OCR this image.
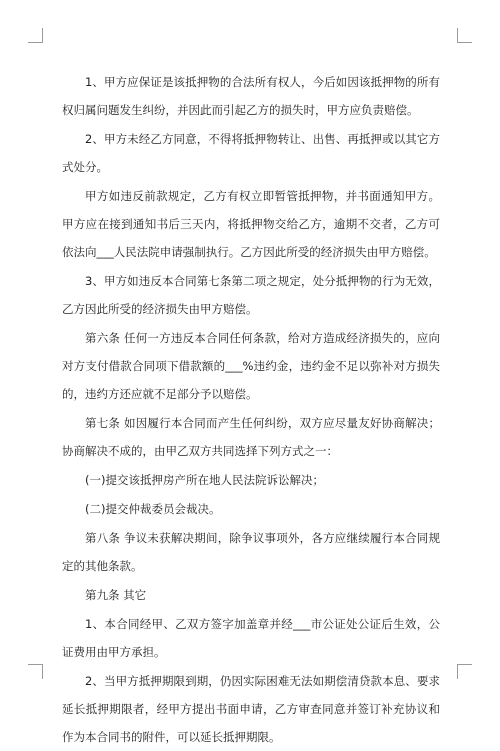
1、甲方应保证是该抵押物的合法所有权人，今后如因该抵押物的所有权归属问题发生纠纷，并因此而引起乙方的损失时，甲方应负责赔偿。

2、甲方未经乙方同意，不得将抵押物转让、出售、再抵押或以其它方式处分。

甲方如违反前款规定，乙方有权立即暂管抵押物，并书面通知甲方。甲方应在接到通知书后三天内，将抵押物交给乙方，逾期不交者，乙方可依法向___人民法院申请强制执行。乙方因此所受的经济损失由甲方赔偿。

3、甲方如违反本合同第七条第二项之规定，处分抵押物的行为无效，乙方因此所受的经济损失由甲方赔偿。

第六条 任何一方违反本合同任何条款，给对方造成经济损失的，应向对方支付借款合同项下借款额的___%违约金，违约金不足以弥补对方损失的，违约方还应就不足部分予以赔偿。

第七条 如因履行本合同而产生任何纠纷，双方应尽量友好协商解决；协商解决不成的，由甲乙双方共同选择下列方式之一：

(一)提交该抵押房产所在地人民法院诉讼解决；

(二)提交仲裁委员会裁决。

第八条 争议未获解决期间，除争议事项外，各方应继续履行本合同规定的其他条款。

第九条 其它

1、本合同经甲、乙双方签字加盖章并经___市公证处公证后生效，公证费用由甲方承担。

2、当甲方抵押期限到期，仍因实际困难无法如期偿清贷款本息、要求延长抵押期限者，经甲方提出书面申请，乙方审查同意并签订补充协议和作为本合同书的附件，可以延长抵押期限。
